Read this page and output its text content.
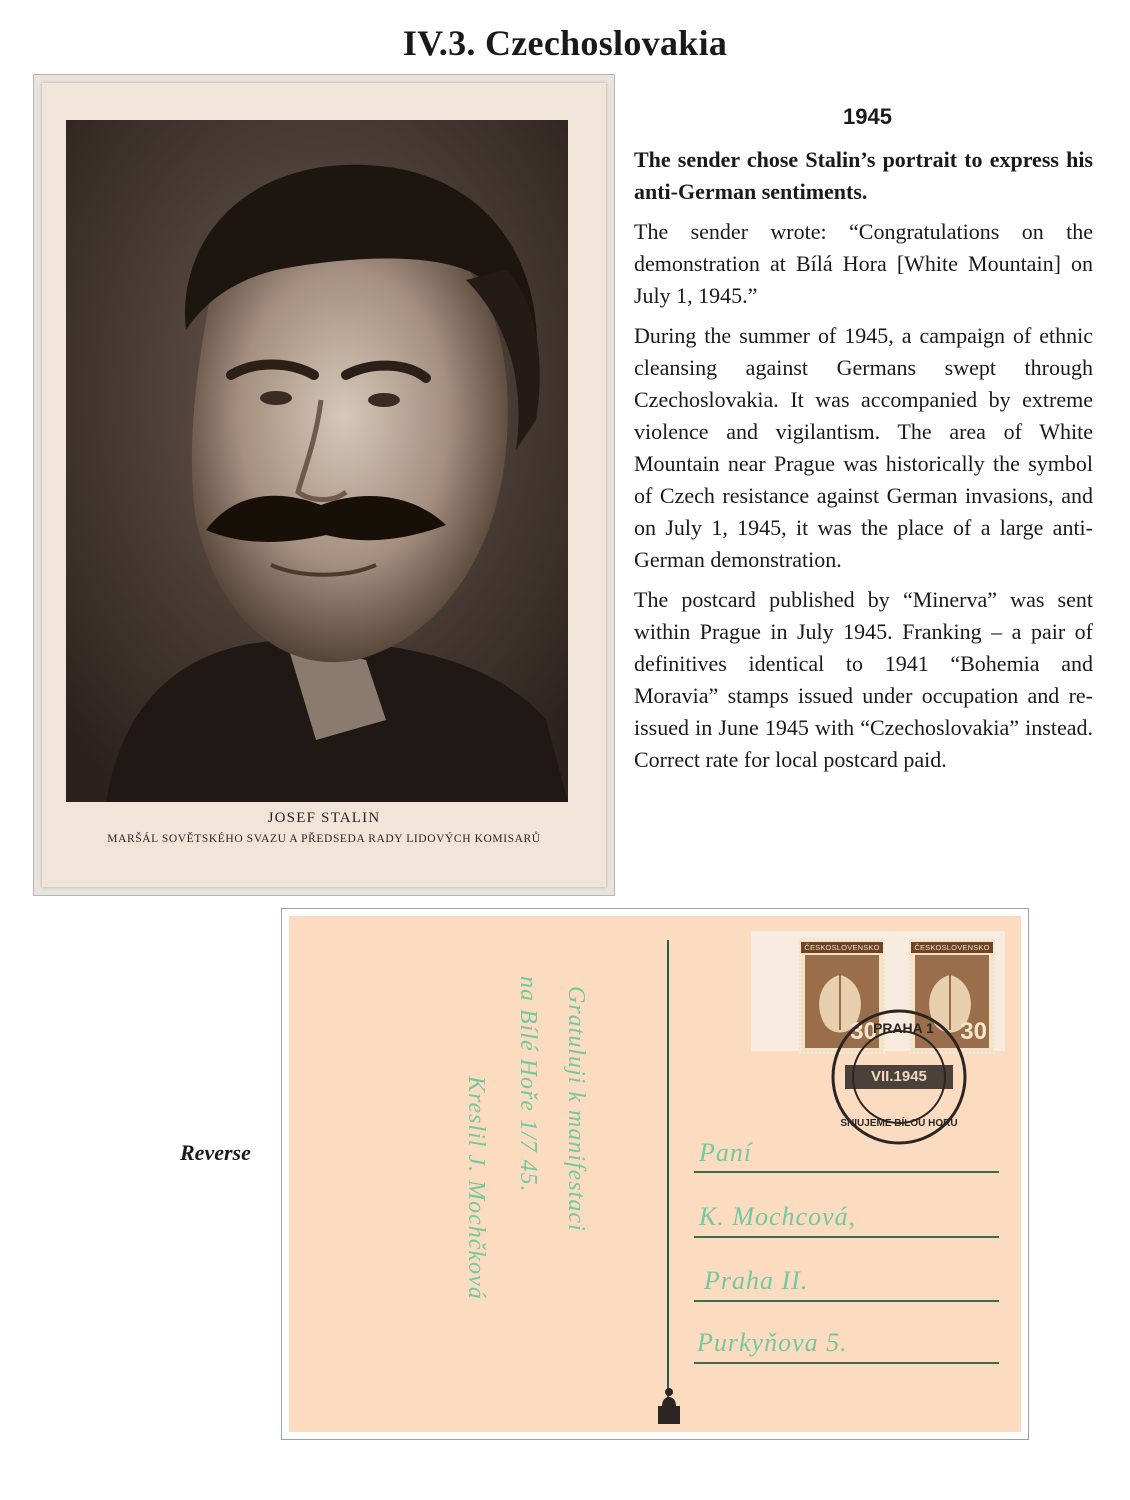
IV.3. Czechoslovakia
JOSEF STALIN
MARŠÁL SOVĚTSKÉHO SVAZU A PŘEDSEDA RADY LIDOVÝCH KOMISARŮ
1945

The sender chose Stalin’s portrait to express his anti-German sentiments.

The sender wrote: “Congratulations on the demonstration at Bílá Hora [White Mountain] on July 1, 1945.”

During the summer of 1945, a campaign of ethnic cleansing against Germans swept through Czechoslovakia. It was accompanied by extreme violence and vigilantism. The area of White Mountain near Prague was historically the symbol of Czech resistance against German invasions, and on July 1, 1945, it was the place of a large anti-German demonstration.

The postcard published by “Minerva” was sent within Prague in July 1945. Franking – a pair of definitives identical to 1941 “Bohemia and Moravia” stamps issued under occupation and re-issued in June 1945 with “Czechoslovakia” instead. Correct rate for local postcard paid.

Reverse	Gratuluji k manifestaci
na Bílé Hoře 1/7 45.
Kreslil J. Mochčková
ČESKOSLOVENSKO
30
ČESKOSLOVENSKO
30
PRAHA 1
VII.1945
SNIUJEME BÍLOU HORU
Paní
K. Mochcová,
Praha II.
Purkyňova 5.
